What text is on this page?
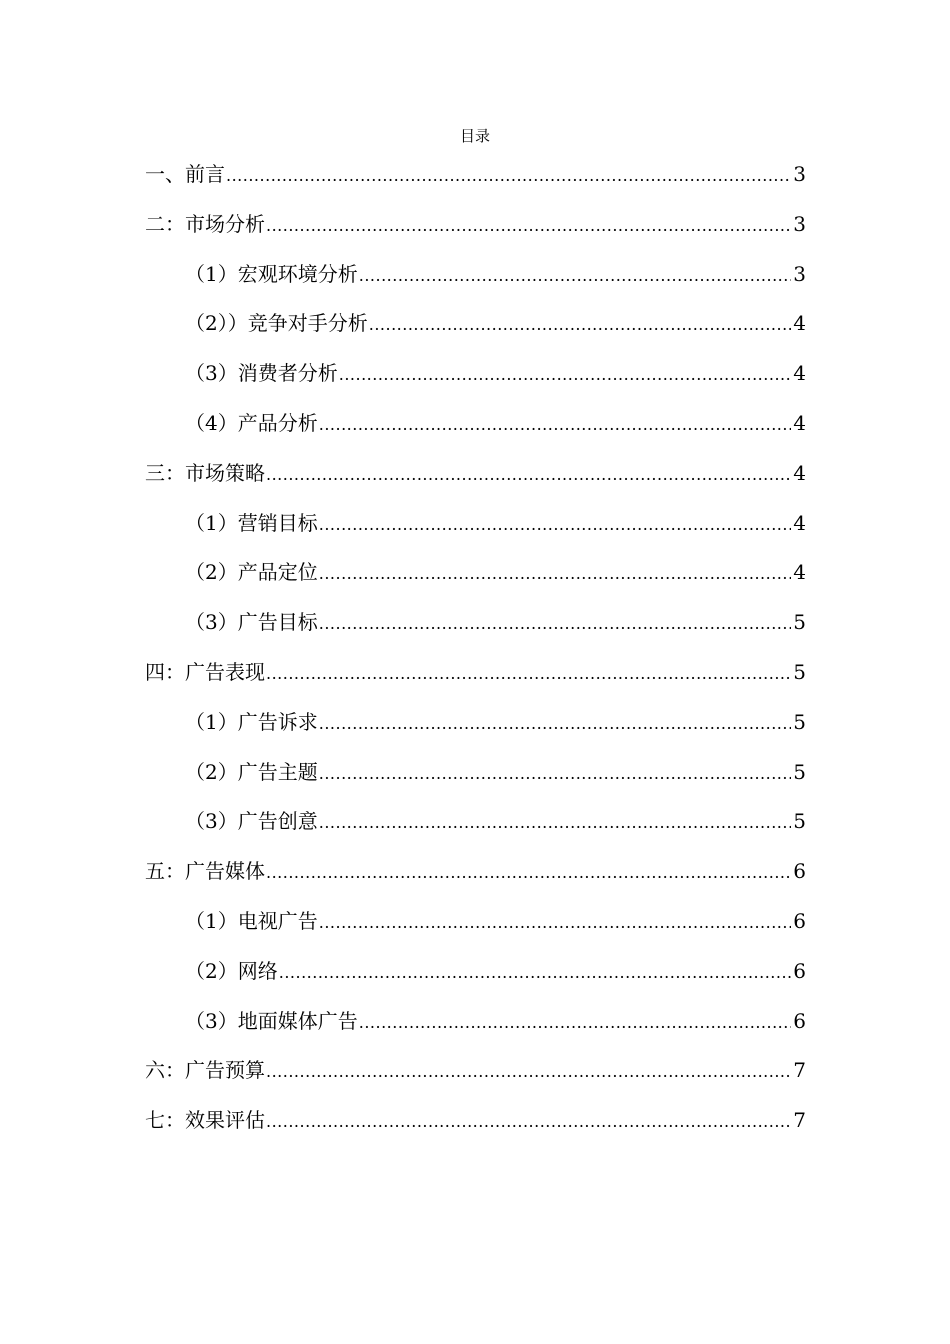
目录
一、前言 .....	3
二：市场分析 .....	3
（1）宏观环境分析 .....	3
（2））竞争对手分析 .....	4
（3）消费者分析 .....	4
（4）产品分析 .....	4
三：市场策略 .....	4
（1）营销目标 .....	4
（2）产品定位 .....	4
（3）广告目标 .....	5
四：广告表现 .....	5
（1）广告诉求 .....	5
（2）广告主题 .....	5
（3）广告创意 .....	5
五：广告媒体 .....	6
（1）电视广告 .....	6
（2）网络 .....	6
（3）地面媒体广告 .....	6
六：广告预算 .....	7
七：效果评估 .....	7
